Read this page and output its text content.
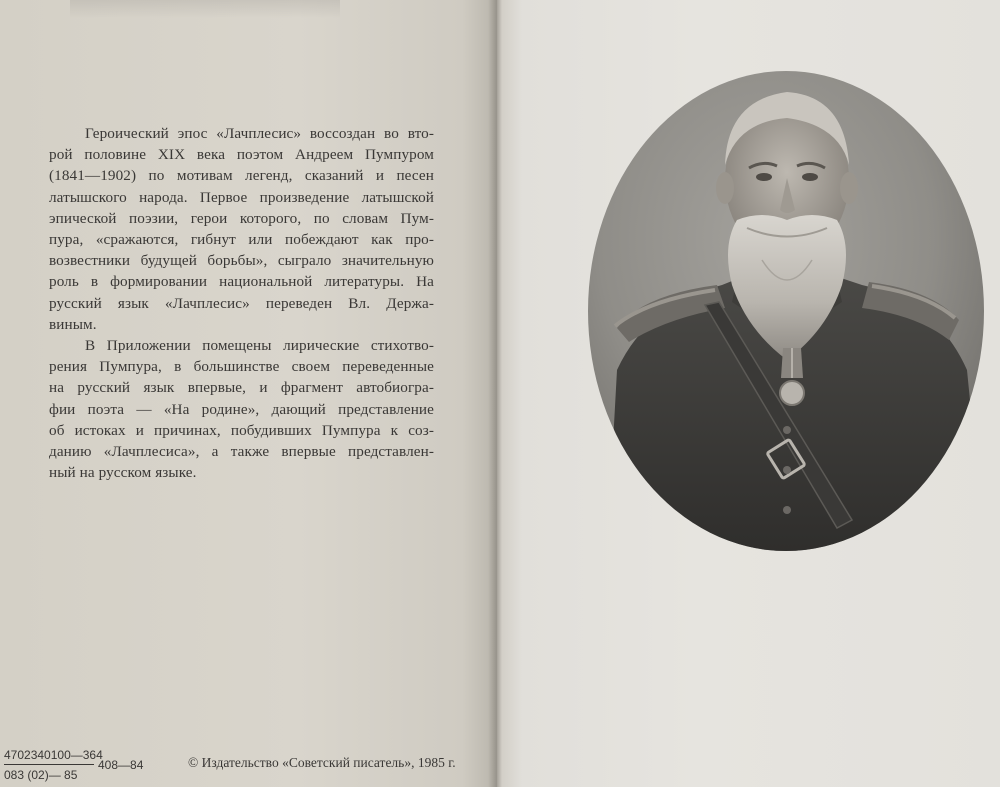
Героический эпос «Лачплесис» воссоздан во вто-
рой половине XIX века поэтом Андреем Пумпуром
(1841—1902) по мотивам легенд, сказаний и песен
латышского народа. Первое произведение латышской
эпической поэзии, герои которого, по словам Пум-
пура, «сражаются, гибнут или побеждают как про-
возвестники будущей борьбы», сыграло значительную
роль в формировании национальной литературы. На
русский язык «Лачплесис» переведен Вл. Держа-
виным.

В Приложении помещены лирические стихотво-
рения Пумпура, в большинстве своем переведенные
на русский язык впервые, и фрагмент автобиогра-
фии поэта — «На родине», дающий представление
об истоках и причинах, побудивших Пумпура к соз-
данию «Лачплесиса», а также впервые представлен-
ный на русском языке.

$\frac{4702340100—364}{083 (02)— 85}$ 408—84	© Издательство «Советский писатель», 1985 г.
